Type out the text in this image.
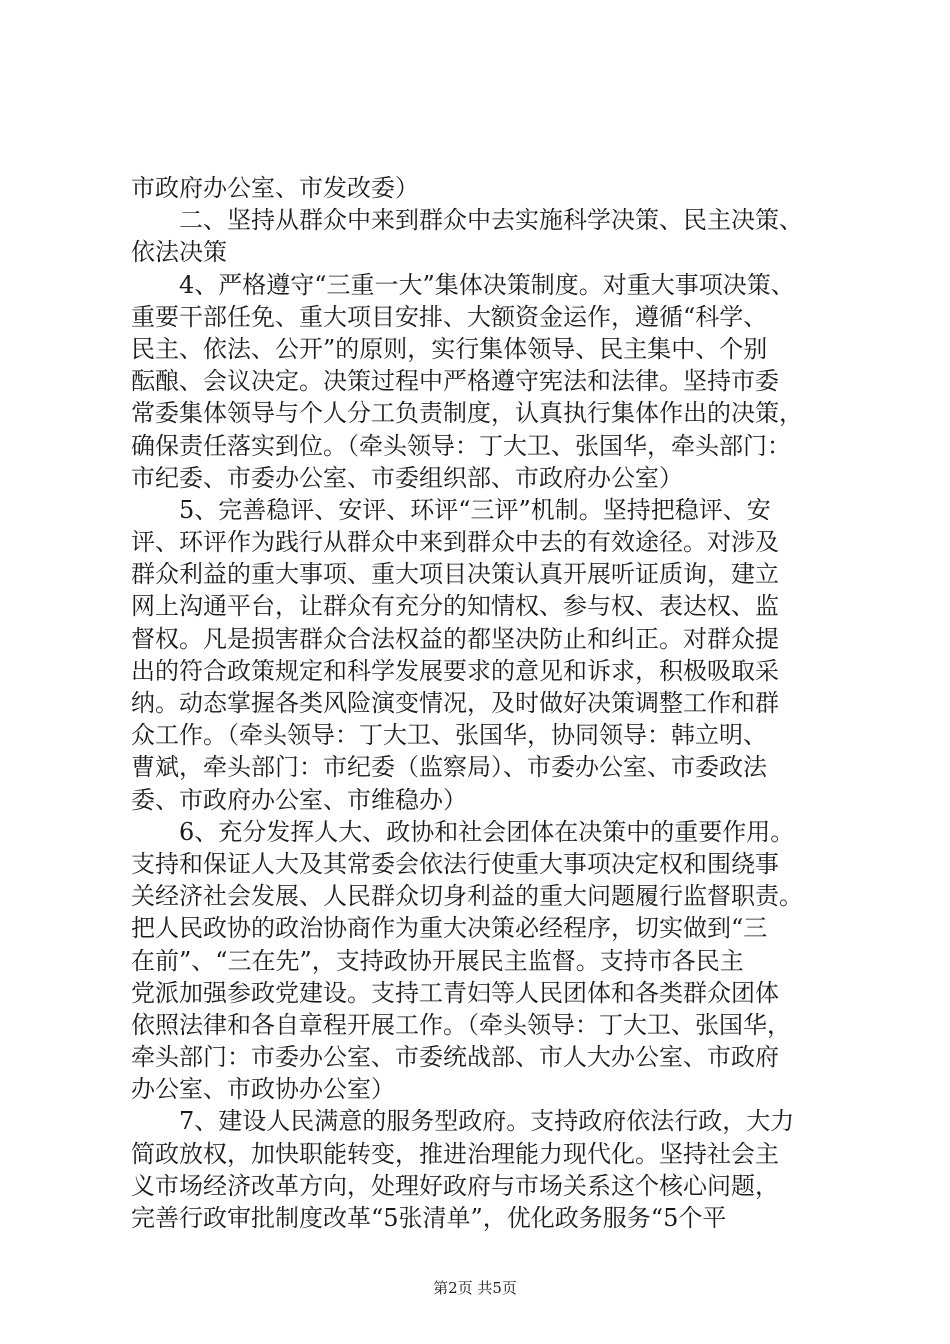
市政府办公室、市发改委）
　　二、坚持从群众中来到群众中去实施科学决策、民主决策、
依法决策
　　4、严格遵守“三重一大”集体决策制度。对重大事项决策、
重要干部任免、重大项目安排、大额资金运作，遵循“科学、
民主、依法、公开”的原则，实行集体领导、民主集中、个别
酝酿、会议决定。决策过程中严格遵守宪法和法律。坚持市委
常委集体领导与个人分工负责制度，认真执行集体作出的决策，
确保责任落实到位。（牵头领导：丁大卫、张国华，牵头部门：
市纪委、市委办公室、市委组织部、市政府办公室）
　　5、完善稳评、安评、环评“三评”机制。坚持把稳评、安
评、环评作为践行从群众中来到群众中去的有效途径。对涉及
群众利益的重大事项、重大项目决策认真开展听证质询，建立
网上沟通平台，让群众有充分的知情权、参与权、表达权、监
督权。凡是损害群众合法权益的都坚决防止和纠正。对群众提
出的符合政策规定和科学发展要求的意见和诉求，积极吸取采
纳。动态掌握各类风险演变情况，及时做好决策调整工作和群
众工作。（牵头领导：丁大卫、张国华，协同领导：韩立明、
曹斌，牵头部门：市纪委（监察局）、市委办公室、市委政法
委、市政府办公室、市维稳办）
　　6、充分发挥人大、政协和社会团体在决策中的重要作用。
支持和保证人大及其常委会依法行使重大事项决定权和围绕事
关经济社会发展、人民群众切身利益的重大问题履行监督职责。
把人民政协的政治协商作为重大决策必经程序，切实做到“三
在前”、“三在先”，支持政协开展民主监督。支持市各民主
党派加强参政党建设。支持工青妇等人民团体和各类群众团体
依照法律和各自章程开展工作。（牵头领导：丁大卫、张国华，
牵头部门：市委办公室、市委统战部、市人大办公室、市政府
办公室、市政协办公室）
　　7、建设人民满意的服务型政府。支持政府依法行政，大力
简政放权，加快职能转变，推进治理能力现代化。坚持社会主
义市场经济改革方向，处理好政府与市场关系这个核心问题，
完善行政审批制度改革“5张清单”，优化政务服务“5个平
第2页 共5页
